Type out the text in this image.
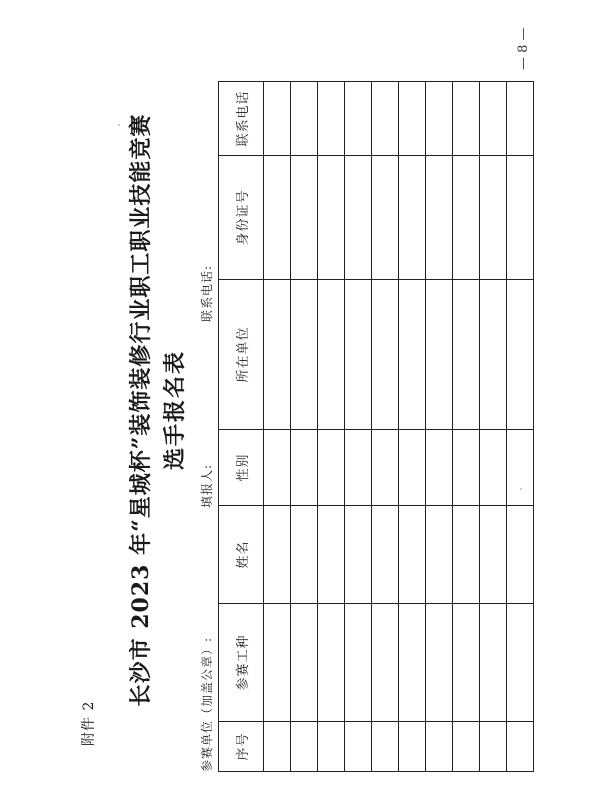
附件 2
长沙市 2023 年“星城杯”装饰装修行业职工职业技能竞赛 选手报名表
参赛单位（加盖公章）:
填报人:
联系电话:
序号	参赛工种	姓名	性别	所在单位	身份证号	联系电话

— 8 —
